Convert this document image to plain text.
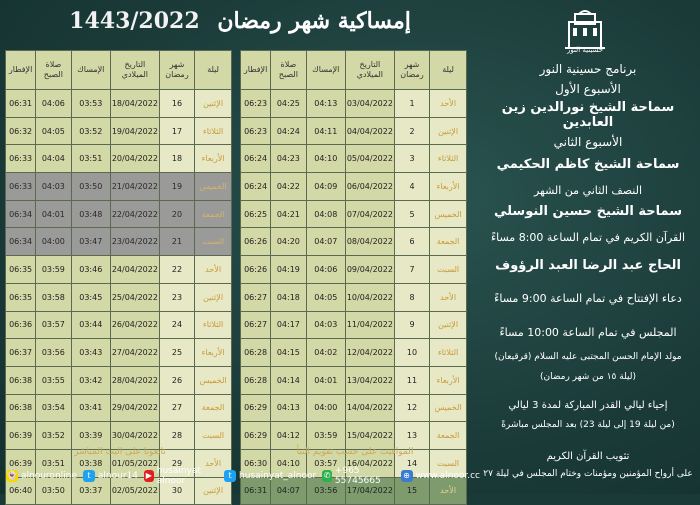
1443/2022 إمساكية شهر رمضان
حسينية النور
الإفطار	صلاة الصبح	الإمساك	التاريخ الميلادي	شهر رمضان	ليلة
06:31	04:06	03:53	18/04/2022	16	الإثنين
06:32	04:05	03:52	19/04/2022	17	الثلاثاء
06:33	04:04	03:51	20/04/2022	18	الأربعاء
06:33	04:03	03:50	21/04/2022	19	الخميس
06:34	04:01	03:48	22/04/2022	20	الجمعة
06:34	04:00	03:47	23/04/2022	21	السبت
06:35	03:59	03:46	24/04/2022	22	الأحد
06:35	03:58	03:45	25/04/2022	23	الإثنين
06:36	03:57	03:44	26/04/2022	24	الثلاثاء
06:37	03:56	03:43	27/04/2022	25	الأربعاء
06:38	03:55	03:42	28/04/2022	26	الخميس
06:38	03:54	03:41	29/04/2022	27	الجمعة
06:39	03:52	03:39	30/04/2022	28	السبت
06:39	03:51	03:38	01/05/2022	29	الأحد
06:40	03:50	03:37	02/05/2022	30	الإثنين
الإفطار	صلاة الصبح	الإمساك	التاريخ الميلادي	شهر رمضان	ليلة
06:23	04:25	04:13	03/04/2022	1	الأحد
06:23	04:24	04:11	04/04/2022	2	الإثنين
06:24	04:23	04:10	05/04/2022	3	الثلاثاء
06:24	04:22	04:09	06/04/2022	4	الأربعاء
06:25	04:21	04:08	07/04/2022	5	الخميس
06:26	04:20	04:07	08/04/2022	6	الجمعة
06:26	04:19	04:06	09/04/2022	7	السبت
06:27	04:18	04:05	10/04/2022	8	الأحد
06:27	04:17	04:03	11/04/2022	9	الإثنين
06:28	04:15	04:02	12/04/2022	10	الثلاثاء
06:28	04:14	04:01	13/04/2022	11	الأربعاء
06:29	04:13	04:00	14/04/2022	12	الخميس
06:29	04:12	03:59	15/04/2022	13	الجمعة
06:30	04:10	03:57	16/04/2022	14	السبت
06:31	04:07	03:56	17/04/2022	15	الأحد
تابعونا على البث المباشر	المواقيت على حسب تقويم النبأ
👻 alnouronline	t alnour14 ▶ husainyat alnoor
t husainyat_alnoor ✆ +965 55745665
⊕ www.alnoor.cc
برنامج حسينية النور
الأسبوع الأول
سماحة الشيخ نورالدين زين العابدين
الأسبوع الثاني
سماحة الشيخ كاظم الحكيمي
النصف الثاني من الشهر
سماحة الشيخ حسين النوسلي
القرآن الكريم في تمام الساعة 8:00 مساءً
الحاج عبد الرضا العبد الرؤوف
دعاء الإفتتاح في تمام الساعة 9:00 مساءً
المجلس في تمام الساعة 10:00 مساءً
مولد الإمام الحسن المجتبى عليه السلام (قرقيعان)
(ليلة ١٥ من شهر رمضان)
إحياء ليالي القدر المباركة لمدة 3 ليالي
(من ليلة 19 إلى ليلة 23) بعد المجلس مباشرةً
تثويب القرآن الكريم
على أرواح المؤمنين ومؤمنات وختام المجلس في ليلة ٢٧
